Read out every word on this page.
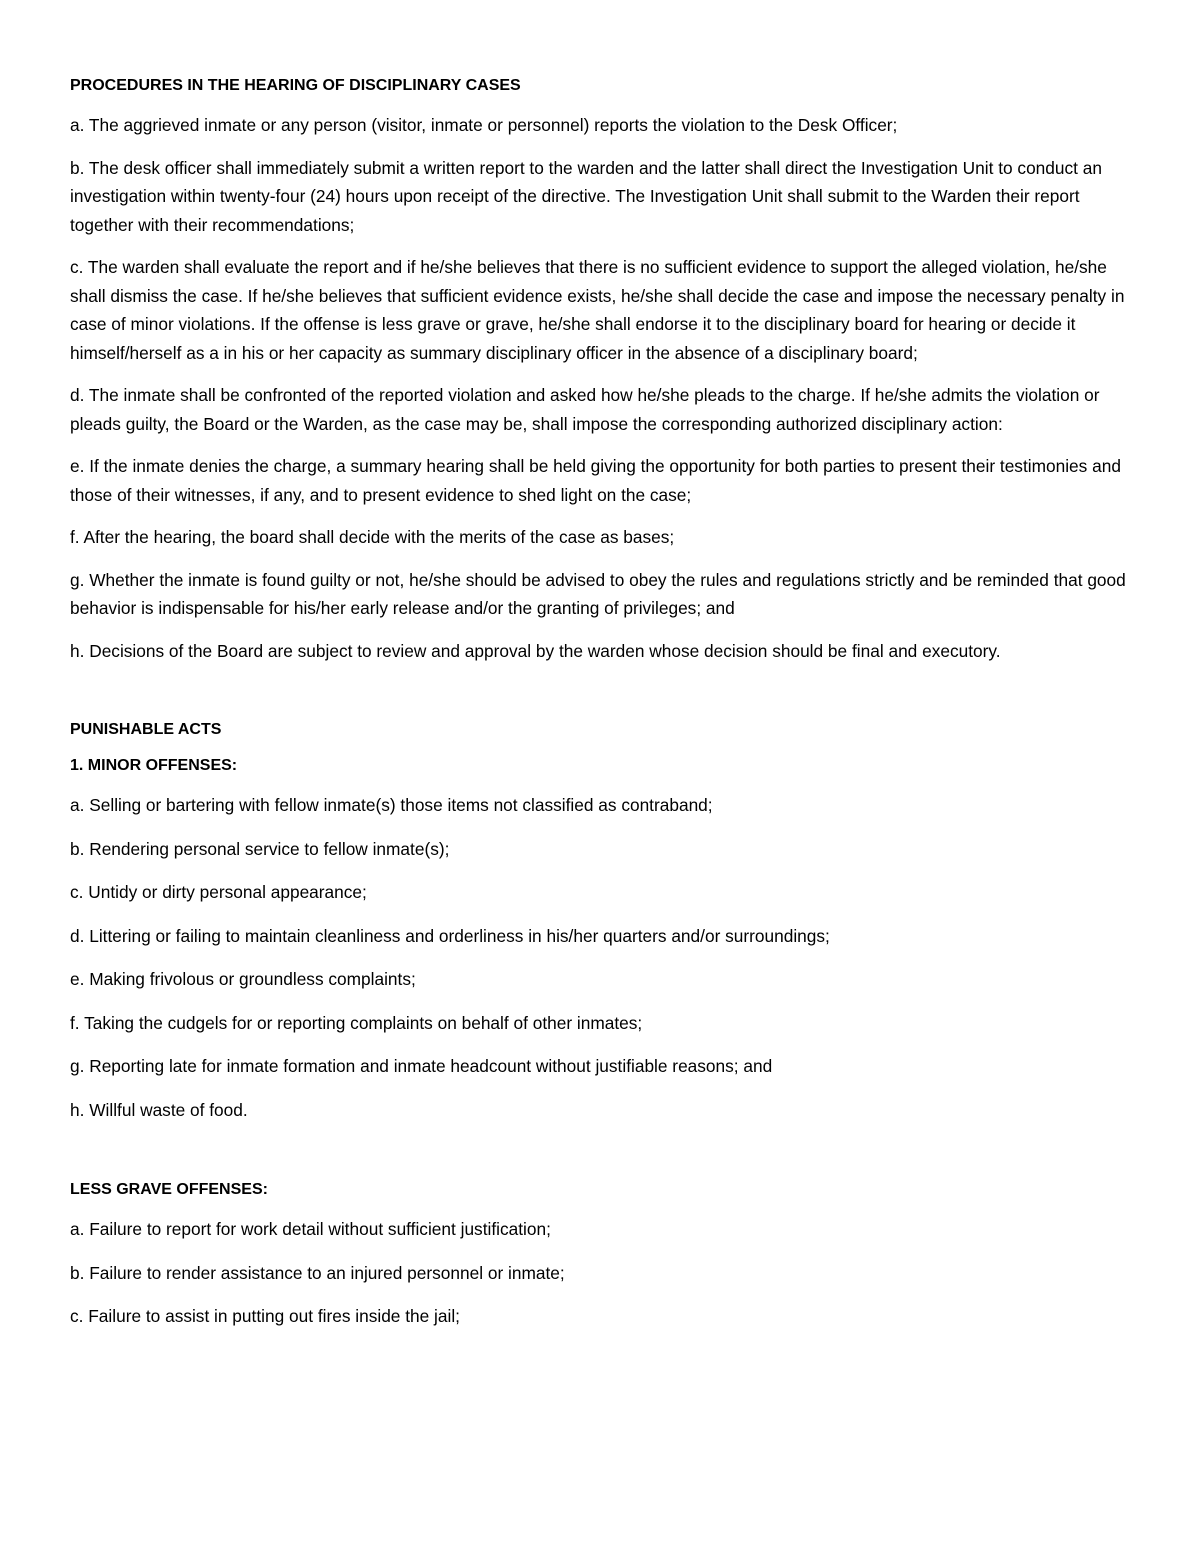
PROCEDURES IN THE HEARING OF DISCIPLINARY CASES
a. The aggrieved inmate or any person (visitor, inmate or personnel) reports the violation to the Desk Officer;
b. The desk officer shall immediately submit a written report to the warden and the latter shall direct the Investigation Unit to conduct an investigation within twenty-four (24) hours upon receipt of the directive. The Investigation Unit shall submit to the Warden their report together with their recommendations;
c. The warden shall evaluate the report and if he/she believes that there is no sufficient evidence to support the alleged violation, he/she shall dismiss the case. If he/she believes that sufficient evidence exists, he/she shall decide the case and impose the necessary penalty in case of minor violations. If the offense is less grave or grave, he/she shall endorse it to the disciplinary board for hearing or decide it himself/herself as a in his or her capacity as summary disciplinary officer in the absence of a disciplinary board;
d. The inmate shall be confronted of the reported violation and asked how he/she pleads to the charge. If he/she admits the violation or pleads guilty, the Board or the Warden, as the case may be, shall impose the corresponding authorized disciplinary action:
e. If the inmate denies the charge, a summary hearing shall be held giving the opportunity for both parties to present their testimonies and those of their witnesses, if any, and to present evidence to shed light on the case;
f. After the hearing, the board shall decide with the merits of the case as bases;
g. Whether the inmate is found guilty or not, he/she should be advised to obey the rules and regulations strictly and be reminded that good behavior is indispensable for his/her early release and/or the granting of privileges; and
h. Decisions of the Board are subject to review and approval by the warden whose decision should be final and executory.
PUNISHABLE ACTS
1. MINOR OFFENSES:
a. Selling or bartering with fellow inmate(s) those items not classified as contraband;
b. Rendering personal service to fellow inmate(s);
c. Untidy or dirty personal appearance;
d. Littering or failing to maintain cleanliness and orderliness in his/her quarters and/or surroundings;
e. Making frivolous or groundless complaints;
f. Taking the cudgels for or reporting complaints on behalf of other inmates;
g. Reporting late for inmate formation and inmate headcount without justifiable reasons; and
h. Willful waste of food.
LESS GRAVE OFFENSES:
a. Failure to report for work detail without sufficient justification;
b. Failure to render assistance to an injured personnel or inmate;
c. Failure to assist in putting out fires inside the jail;
